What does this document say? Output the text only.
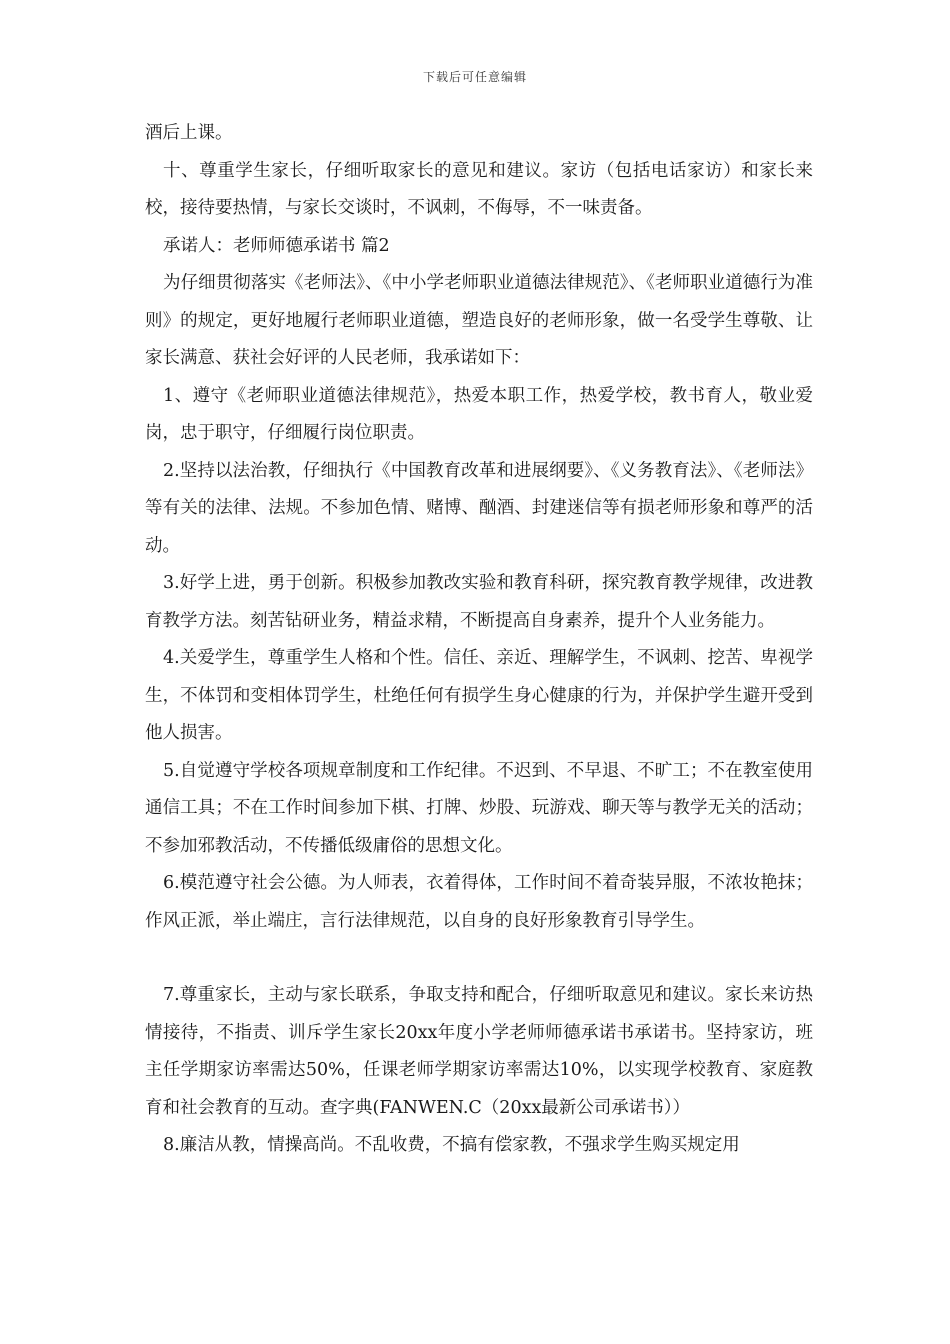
下载后可任意编辑

酒后上课。

十、尊重学生家长，仔细听取家长的意见和建议。家访（包括电话家访）和家长来校，接待要热情，与家长交谈时，不讽刺，不侮辱，不一味责备。

承诺人：老师师德承诺书 篇2

为仔细贯彻落实《老师法》、《中小学老师职业道德法律规范》、《老师职业道德行为准则》的规定，更好地履行老师职业道德，塑造良好的老师形象，做一名受学生尊敬、让家长满意、获社会好评的人民老师，我承诺如下：

1、遵守《老师职业道德法律规范》，热爱本职工作，热爱学校，教书育人，敬业爱岗，忠于职守，仔细履行岗位职责。

2.坚持以法治教，仔细执行《中国教育改革和进展纲要》、《义务教育法》、《老师法》等有关的法律、法规。不参加色情、赌博、酗酒、封建迷信等有损老师形象和尊严的活动。

3.好学上进，勇于创新。积极参加教改实验和教育科研，探究教育教学规律，改进教育教学方法。刻苦钻研业务，精益求精，不断提高自身素养，提升个人业务能力。

4.关爱学生，尊重学生人格和个性。信任、亲近、理解学生，不讽刺、挖苦、卑视学生，不体罚和变相体罚学生，杜绝任何有损学生身心健康的行为，并保护学生避开受到他人损害。

5.自觉遵守学校各项规章制度和工作纪律。不迟到、不早退、不旷工；不在教室使用通信工具；不在工作时间参加下棋、打牌、炒股、玩游戏、聊天等与教学无关的活动；不参加邪教活动，不传播低级庸俗的思想文化。

6.模范遵守社会公德。为人师表，衣着得体，工作时间不着奇装异服，不浓妆艳抹；作风正派，举止端庄，言行法律规范，以自身的良好形象教育引导学生。

7.尊重家长，主动与家长联系，争取支持和配合，仔细听取意见和建议。家长来访热情接待，不指责、训斥学生家长20xx年度小学老师师德承诺书承诺书。坚持家访，班主任学期家访率需达50%，任课老师学期家访率需达10%，以实现学校教育、家庭教育和社会教育的互动。查字典(FANWEN.C（20xx最新公司承诺书））

8.廉洁从教，情操高尚。不乱收费，不搞有偿家教，不强求学生购买规定用
